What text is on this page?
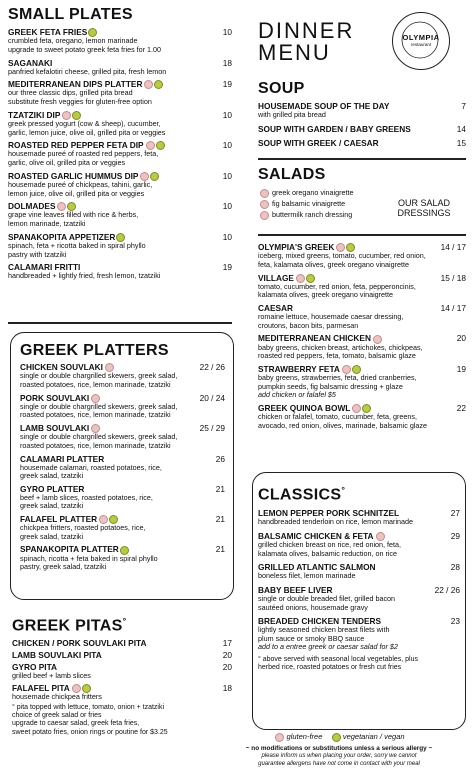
SMALL PLATES
GREEK FETA FRIES	10
crumbled feta, oregano, lemon marinade
upgrade to sweet potato greek feta fries for 1.00
SAGANAKI	18
panfried kefalotiri cheese, grilled pita, fresh lemon
MEDITERRANEAN DIPS PLATTER	19
our three classic dips, grilled pita bread
substitute fresh veggies for gluten-free option
TZATZIKI DIP	10
greek pressed yogurt (cow & sheep), cucumber,
garlic, lemon juice, olive oil, grilled pita or veggies
ROASTED RED PEPPER FETA DIP	10
housemade pureé of roasted red peppers, feta,
garlic, olive oil, grilled pita or veggies
ROASTED GARLIC HUMMUS DIP	10
housemade pureé of chickpeas, tahini, garlic,
lemon juice, olive oil, grilled pita or veggies
DOLMADES	10
grape vine leaves filled with rice & herbs,
lemon marinade, tzatziki
SPANAKOPITA APPETIZER	10
spinach, feta + ricotta baked in spiral phyllo
pastry with tzatziki
CALAMARI FRITTI	19
handbreaded + lightly fried, fresh lemon, tzatziki
GREEK PLATTERS
CHICKEN SOUVLAKI	22 / 26
single or double chargrilled skewers, greek salad,
roasted potatoes, rice, lemon marinade, tzatziki
PORK SOUVLAKI	20 / 24
single or double chargrilled skewers, greek salad,
roasted potatoes, rice, lemon marinade, tzatziki
LAMB SOUVLAKI	25 / 29
single or double chargrilled skewers, greek salad,
roasted potatoes, rice, lemon marinade, tzatziki
CALAMARI PLATTER	26
housemade calamari, roasted potatoes, rice,
greek salad, tzatziki
GYRO PLATTER	21
beef + lamb slices, roasted potatoes, rice,
greek salad, tzatziki
FALAFEL PLATTER	21
chickpea fritters, roasted potatoes, rice,
greek salad, tzatziki
SPANAKOPITA PLATTER	21
spinach, ricotta + feta baked in spiral phyllo
pastry, greek salad, tzatziki
GREEK PITAS°
CHICKEN / PORK SOUVLAKI PITA	17
LAMB SOUVLAKI PITA	20
GYRO PITA	20
grilled beef + lamb slices
FALAFEL PITA	18
housemade chickpea fritters
° pita topped with lettuce, tomato, onion + tzatziki
choice of greek salad or fries
upgrade to caesar salad, greek feta fries,
sweet potato fries, onion rings or poutine for $3.25
DINNER
MENU
OLYMPIA
restaurant
SOUP
HOUSEMADE SOUP OF THE DAY	7
with grilled pita bread
SOUP WITH GARDEN / BABY GREENS	14
SOUP WITH GREEK / CAESAR	15
SALADS
greek oregano vinaigrette
fig balsamic vinaigrette
buttermilk ranch dressing
OUR SALAD
DRESSINGS
OLYMPIA'S GREEK	14 / 17
iceberg, mixed greens, tomato, cucumber, red onion,
feta, kalamata olives, greek oregano vinaigrette
VILLAGE	15 / 18
tomato, cucumber, red onion, feta, pepperoncinis,
kalamata olives, greek oregano vinaigrette
CAESAR	14 / 17
romaine lettuce, housemade caesar dressing,
croutons, bacon bits, parmesan
MEDITERRANEAN CHICKEN	20
baby greens, chicken breast, artichokes, chickpeas,
roasted red peppers, feta, tomato, balsamic glaze
STRAWBERRY FETA	19
baby greens, strawberries, feta, dried cranberries,
pumpkin seeds, fig balsamic dressing + glaze
add chicken or falafel $5
GREEK QUINOA BOWL	22
chicken or falafel, tomato, cucumber, feta, greens,
avocado, red onion, olives, marinade, balsamic glaze
CLASSICS°
LEMON PEPPER PORK SCHNITZEL	27
handbreaded tenderloin on rice, lemon marinade
BALSAMIC CHICKEN & FETA	29
grilled chicken breast on rice, red onion, feta,
kalamata olives, balsamic reduction, on rice
GRILLED ATLANTIC SALMON	28
boneless filet, lemon marinade
BABY BEEF LIVER	22 / 26
single or double breaded filet, grilled bacon
sautéed onions, housemade gravy
BREADED CHICKEN TENDERS	23
lightly seasoned chicken breast filets with
plum sauce or smoky BBQ sauce
add to a entree greek or caesar salad for $2
° above served with seasonal local vegetables, plus
herbed rice, roasted potatoes or fresh cut fries
gluten-free	vegetarian / vegan
~ no modifications or substitutions unless a serious allergy ~
please inform us when placing your order, sorry we cannot
guarantee allergens have not come in contact with your meal
